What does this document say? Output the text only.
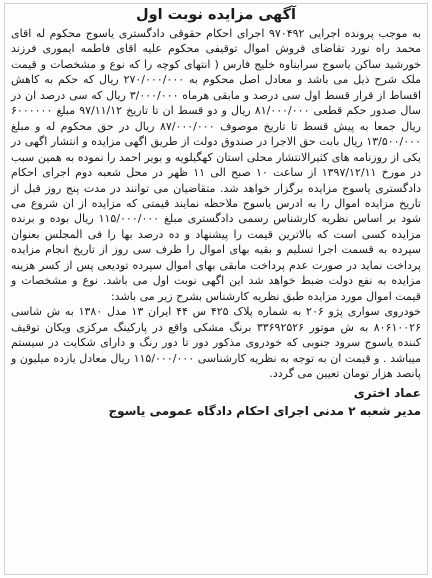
آگهی مزایده نوبت اول

به موجب پرونده اجرایی ۹۷۰۴۹۲ اجرای احکام حقوقی دادگستری یاسوج محکوم له اقای محمد راه نورد تقاضای فروش اموال توقیفی محکوم علیه اقای فاطمه ایموری فرزند خورشید ساکن یاسوج سرابناوه خلیج فارس ( انتهای کوچه را که نوع و مشخصات و قیمت ملک شرح ذیل می باشد و معادل اصل محکوم به ۲۷۰/۰۰۰/۰۰۰ ریال که حکم به کاهش اقساط از قرار قسط اول سی درصد و مابقی هرماه ۳/۰۰۰/۰۰۰ ریال که سی درصد ان در سال صدور حکم قطعی ۸۱/۰۰۰/۰۰۰ ریال و دو قسط ان تا تاریخ ۹۷/۱۱/۱۲ مبلغ ۶۰۰۰۰۰۰ ریال جمعا به پیش قسط تا تاریخ موصوف ۸۷/۰۰۰/۰۰۰ ریال در حق محکوم له و مبلغ ۱۳/۵۰۰/۰۰۰ ریال بابت حق الاجرا در صندوق دولت از طریق اگهی مزایده و انتشار اگهی در یکی از روزنامه های کثیرالانتشار محلی استان کهگیلویه و بویر احمد را نموده به همین سبب در مورخ ۱۳۹۷/۱۲/۱۱ از ساعت ۱۰ صبح الی ۱۱ ظهر در محل شعبه دوم اجرای احکام دادگستری یاسوج مزایده برگزار خواهد شد. متقاضیان می توانند در مدت پنج روز قبل از تاریخ مزایده اموال را به ادرس یاسوج ملاحظه نمایند قیمتی که مزایده از ان شروع می شود بر اساس نظریه کارشناس رسمی دادگستری مبلغ ۱۱۵/۰۰۰/۰۰۰ ریال بوده و برنده مزایده کسی است که بالاترین قیمت را پیشنهاد و ده درصد بها را فی المجلس بعنوان سپرده به قسمت اجرا تسلیم و بقیه بهای اموال را ظرف سی روز از تاریخ انجام مزایده پرداخت نماید در صورت عدم پرداخت مابقی بهای اموال سپرده تودیعی پس از کسر هزینه مزایده به نفع دولت ضبط خواهد شد این اگهی نوبت اول می باشد. نوع و مشخصات و قیمت اموال مورد مزایده طبق نظریه کارشناس بشرح زیر می باشد:

خودروی سواری پژو ۲۰۶ به شماره پلاک ۴۲۵ س ۴۴ ایران ۱۳ مدل ۱۳۸۰ به ش شاسی ۸۰۶۱۰۰۲۶ به ش موتور ۳۳۶۹۲۵۲۶ برنگ مشکی واقع در پارکینگ مرکزی ویکان توقیف کننده یاسوج سرود جنوبی که خودروی مذکور دور تا دور رنگ و دارای شکایت در سیستم میباشد . و قیمت ان به توجه به نظریه کارشناسی ۱۱۵/۰۰۰/۰۰۰ ریال معادل یازده میلیون و پانصد هزار تومان تعیین می گردد.

عماد اختری
مدیر شعبه ۲ مدنی اجرای احکام دادگاه عمومی یاسوج
